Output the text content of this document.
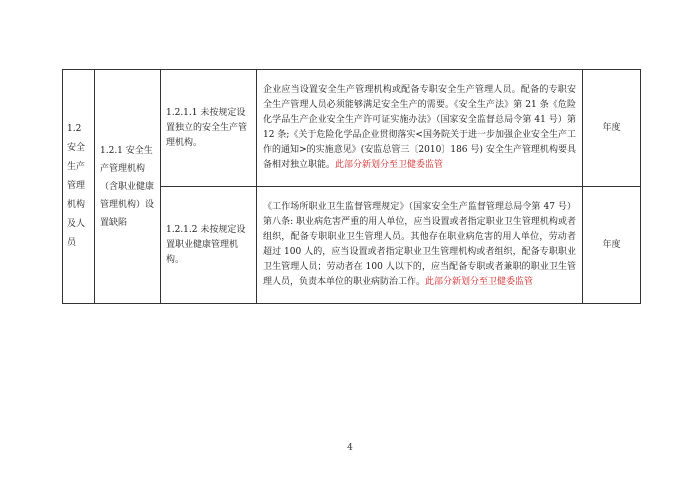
1.2 安全生产管理机构及人员	1.2.1 安全生产管理机构（含职业健康管理机构）设置缺陷	1.2.1.1 未按规定设置独立的安全生产管理机构。	企业应当设置安全生产管理机构或配备专职安全生产管理人员。配备的专职安全生产管理人员必须能够满足安全生产的需要。《安全生产法》第 21 条《危险化学品生产企业安全生产许可证实施办法》（国家安全监督总局令第 41 号）第 12 条;《关于危险化学品企业贯彻落实<国务院关于进一步加强企业安全生产工作的通知>的实施意见》(安监总管三〔2010〕186 号) 安全生产管理机构要具备相对独立职能。此部分新划分至卫健委监管	年度
		1.2.1.2 未按规定设置职业健康管理机构。	《工作场所职业卫生监督管理规定》（国家安全生产监督管理总局令第 47 号）第八条: 职业病危害严重的用人单位，应当设置或者指定职业卫生管理机构或者组织，配备专职职业卫生管理人员。其他存在职业病危害的用人单位，劳动者超过 100 人的，应当设置或者指定职业卫生管理机构或者组织，配备专职职业卫生管理人员；劳动者在 100 人以下的，应当配备专职或者兼职的职业卫生管理人员，负责本单位的职业病防治工作。此部分新划分至卫健委监管	年度
4
